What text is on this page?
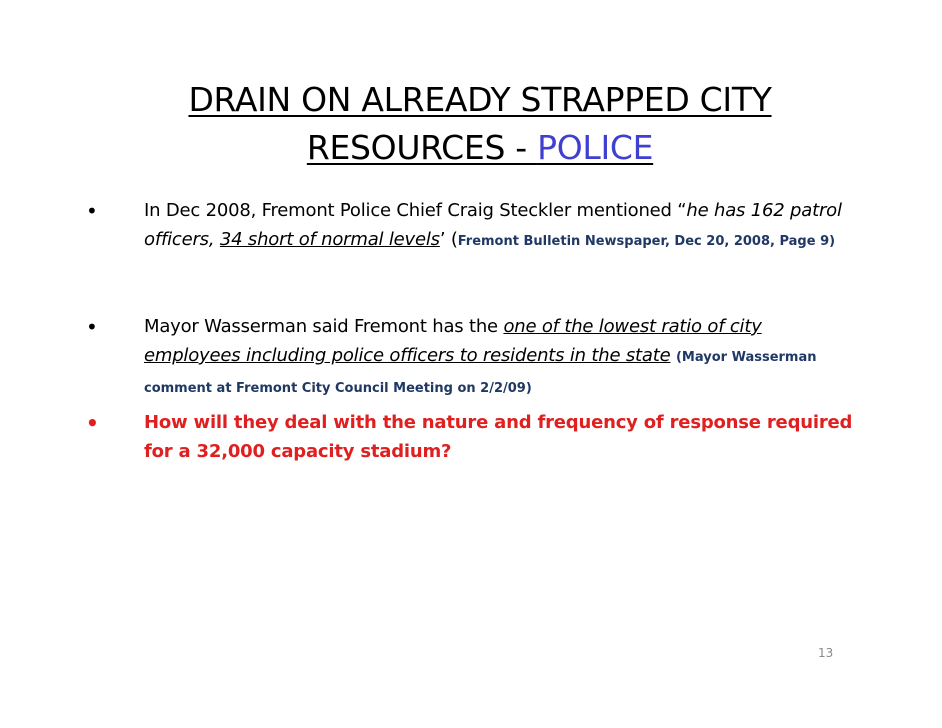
DRAIN ON ALREADY STRAPPED CITY
RESOURCES - POLICE
•	In Dec 2008, Fremont Police Chief Craig Steckler mentioned “he has 162 patrol officers, 34 short of normal levels’ (Fremont Bulletin Newspaper, Dec 20, 2008, Page 9)
•	Mayor Wasserman said Fremont has the one of the lowest ratio of city employees including police officers to residents in the state (Mayor Wasserman comment at Fremont City Council Meeting on 2/2/09)
•	How will they deal with the nature and frequency of response required for a 32,000 capacity stadium?
13
